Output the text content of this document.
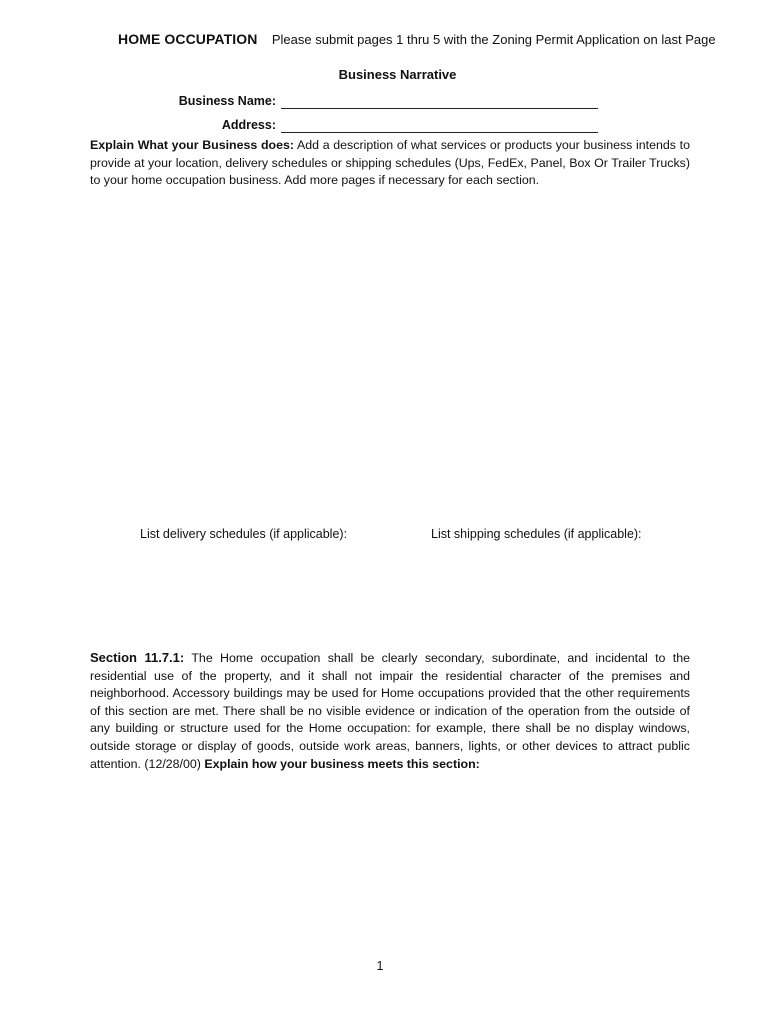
HOME OCCUPATION Please submit pages 1 thru 5 with the Zoning Permit Application on last Page
Business Narrative
Business Name:
Address:
Explain What your Business does: Add a description of what services or products your business intends to provide at your location, delivery schedules or shipping schedules (Ups, FedEx, Panel, Box Or Trailer Trucks) to your home occupation business. Add more pages if necessary for each section.
List delivery schedules (if applicable):	List shipping schedules (if applicable):
Section 11.7.1: The Home occupation shall be clearly secondary, subordinate, and incidental to the residential use of the property, and it shall not impair the residential character of the premises and neighborhood. Accessory buildings may be used for Home occupations provided that the other requirements of this section are met. There shall be no visible evidence or indication of the operation from the outside of any building or structure used for the Home occupation: for example, there shall be no display windows, outside storage or display of goods, outside work areas, banners, lights, or other devices to attract public attention. (12/28/00) Explain how your business meets this section:
1
